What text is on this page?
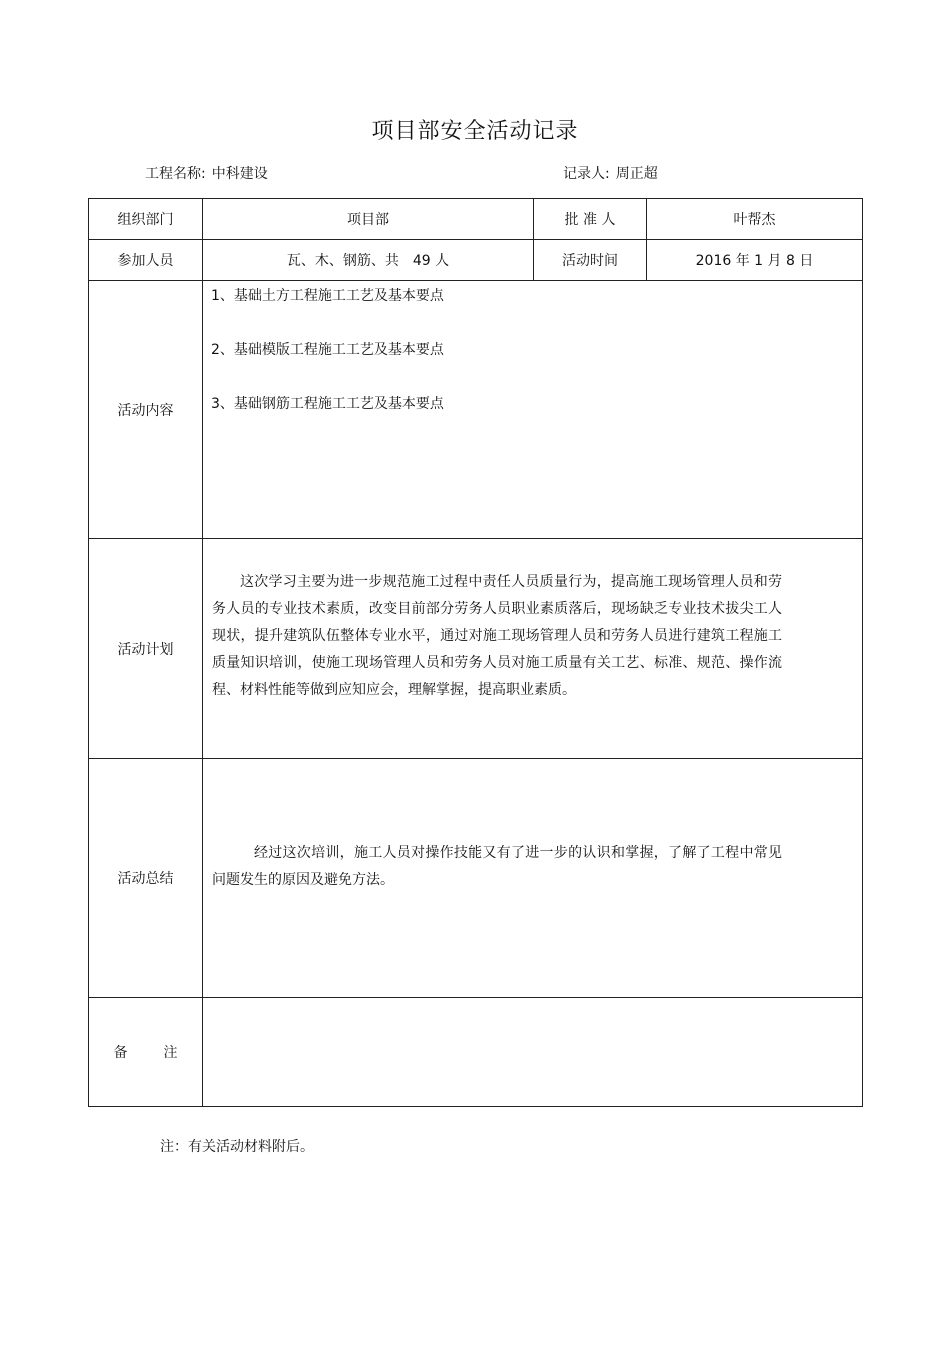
项目部安全活动记录
工程名称: 中科建设	记录人: 周正超
组织部门	项目部	批 准 人	叶帮杰
参加人员	瓦、木、钢筋、共 49 人	活动时间	2016 年 1 月 8 日
活动内容	1、基础土方工程施工工艺及基本要点
2、基础模版工程施工工艺及基本要点
3、基础钢筋工程施工工艺及基本要点		

活动计划	这次学习主要为进一步规范施工过程中责任人员质量行为，提高施工现场管理人员和劳务人员的专业技术素质，改变目前部分劳务人员职业素质落后，现场缺乏专业技术拔尖工人现状，提升建筑队伍整体专业水平，通过对施工现场管理人员和劳务人员进行建筑工程施工质量知识培训，使施工现场管理人员和劳务人员对施工质量有关工艺、标准、规范、操作流程、材料性能等做到应知应会，理解掌握，提高职业素质。		
活动总结	经过这次培训，施工人员对操作技能又有了进一步的认识和掌握，了解了工程中常见问题发生的原因及避免方法。		

备 注			

注：有关活动材料附后。
